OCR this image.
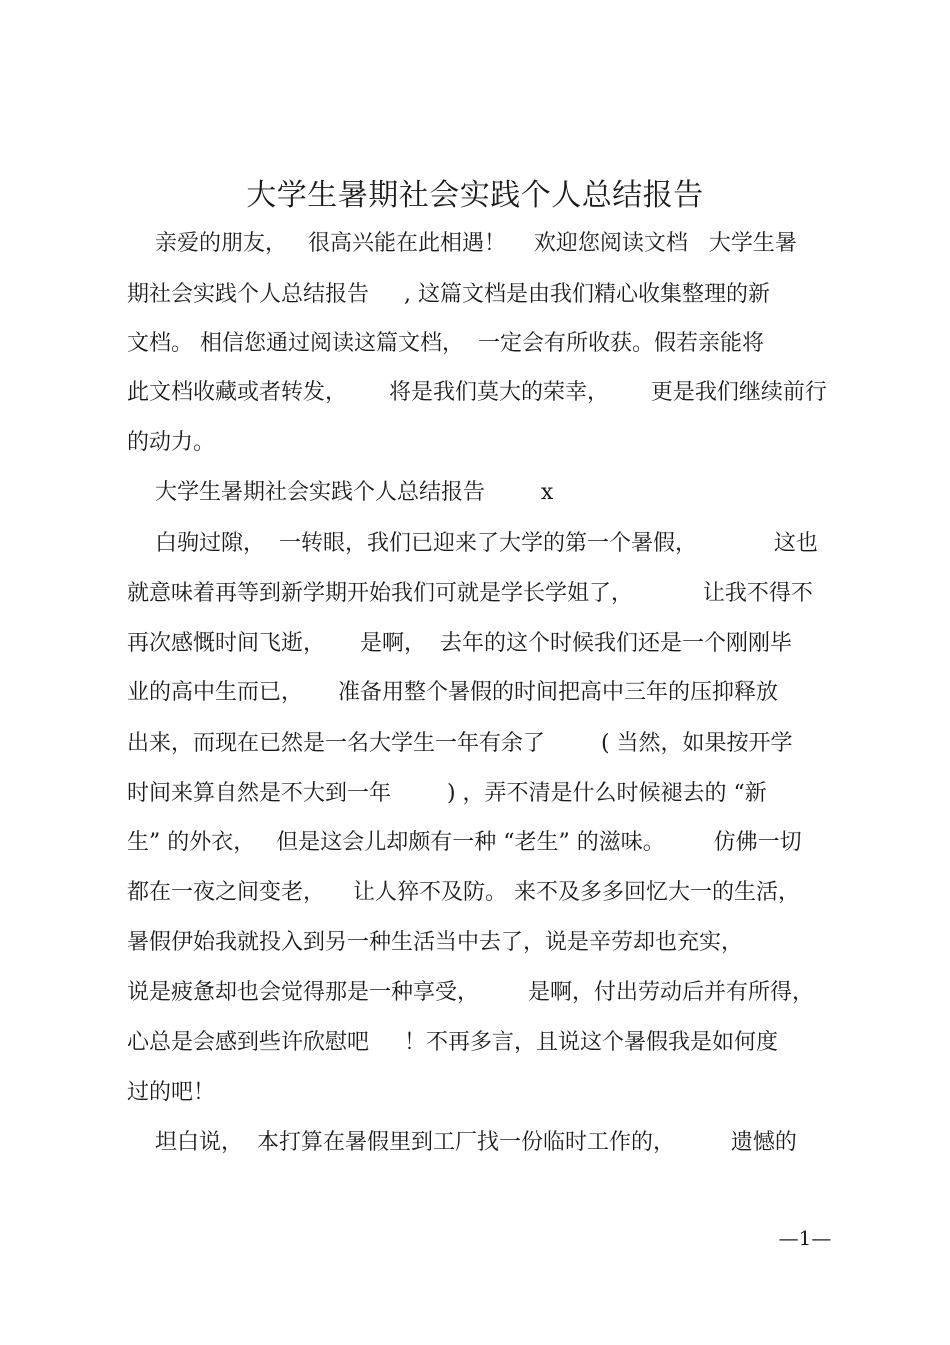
大学生暑期社会实践个人总结报告
亲爱的朋友，   很高兴能在此相遇！    欢迎您阅读文档   大学生暑
期社会实践个人总结报告     , 这篇文档是由我们精心收集整理的新
文档。 相信您通过阅读这篇文档，  一定会有所收获。假若亲能将
此文档收藏或者转发，      将是我们莫大的荣幸，      更是我们继续前行
的动力。
大学生暑期社会实践个人总结报告        x
白驹过隙，  一转眼，我们已迎来了大学的第一个暑假，           这也
就意味着再等到新学期开始我们可就是学长学姐了，          让我不得不
再次感慨时间飞逝，     是啊，  去年的这个时候我们还是一个刚刚毕
业的高中生而已，     准备用整个暑假的时间把高中三年的压抑释放
出来，而现在已然是一名大学生一年有余了        ( 当然，如果按开学
时间来算自然是不大到一年        ) ，弄不清是什么时候褪去的 “新
生” 的外衣，   但是这会儿却颇有一种 “老生” 的滋味。       仿佛一切
都在一夜之间变老，    让人猝不及防。 来不及多多回忆大一的生活，
暑假伊始我就投入到另一种生活当中去了，说是辛劳却也充实，
说是疲惫却也会觉得那是一种享受，       是啊，付出劳动后并有所得，
心总是会感到些许欣慰吧     ！不再多言，且说这个暑假我是如何度
过的吧！
坦白说，  本打算在暑假里到工厂找一份临时工作的，        遗憾的
—1—
